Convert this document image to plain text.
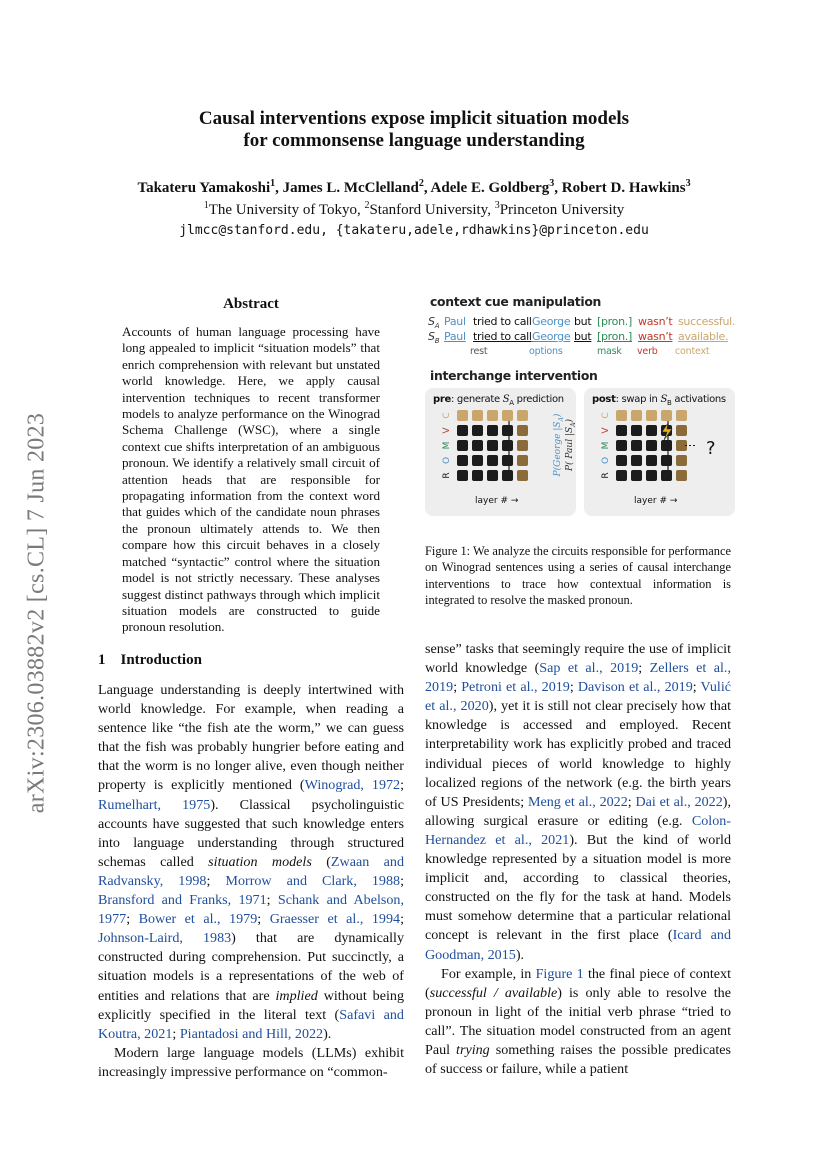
arXiv:2306.03882v2 [cs.CL] 7 Jun 2023
Causal interventions expose implicit situation models
for commonsense language understanding
Takateru Yamakoshi$^1$, James L. McClelland$^2$, Adele E. Goldberg$^3$, Robert D. Hawkins$^3$
$^1$The University of Tokyo, $^2$Stanford University, $^3$Princeton University
jlmcc@stanford.edu, {takateru,adele,rdhawkins}@princeton.edu
Abstract
Accounts of human language processing have long appealed to implicit “situation models” that enrich comprehension with relevant but unstated world knowledge. Here, we apply causal intervention techniques to recent transformer models to analyze performance on the Winograd Schema Challenge (WSC), where a single context cue shifts interpretation of an ambiguous pronoun. We identify a relatively small circuit of attention heads that are responsible for propagating information from the context word that guides which of the candidate noun phrases the pronoun ultimately attends to. We then compare how this circuit behaves in a closely matched “syntactic” control where the situation model is not strictly necessary. These analyses suggest distinct pathways through which implicit situation models are constructed to guide pronoun resolution.
1 Introduction

Language understanding is deeply intertwined with world knowledge. For example, when reading a sentence like “the fish ate the worm,” we can guess that the fish was probably hungrier before eating and that the worm is no longer alive, even though neither property is explicitly mentioned (Winograd, 1972; Rumelhart, 1975). Classical psycholinguistic accounts have suggested that such knowledge enters into language understanding through structured schemas called situation models (Zwaan and Radvansky, 1998; Morrow and Clark, 1988; Bransford and Franks, 1971; Schank and Abelson, 1977; Bower et al., 1979; Graesser et al., 1994; Johnson-Laird, 1983) that are dynamically constructed during comprehension. Put succinctly, a situation models is a representations of the web of entities and relations that are implied without being explicitly specified in the literal text (Safavi and Koutra, 2021; Piantadosi and Hill, 2022).

Modern large language models (LLMs) exhibit increasingly impressive performance on “common-

sense” tasks that seemingly require the use of implicit world knowledge (Sap et al., 2019; Zellers et al., 2019; Petroni et al., 2019; Davison et al., 2019; Vulić et al., 2020), yet it is still not clear precisely how that knowledge is accessed and employed. Recent interpretability work has explicitly probed and traced individual pieces of world knowledge to highly localized regions of the network (e.g. the birth years of US Presidents; Meng et al., 2022; Dai et al., 2022), allowing surgical erasure or editing (e.g. Colon-Hernandez et al., 2021). But the kind of world knowledge represented by a situation model is more implicit and, according to classical theories, constructed on the fly for the task at hand. Models must somehow determine that a particular relational concept is relevant in the first place (Icard and Goodman, 2015).

For example, in Figure 1 the final piece of context (successful / available) is only able to resolve the pronoun in light of the initial verb phrase “tried to call”. The situation model constructed from an agent Paul trying something raises the possible predicates of success or failure, while a patient

context cue manipulation
$S_A$ Paul tried to call George but [pron.] wasn’t successful.
$S_B$ Paul tried to call George but [pron.] wasn’t available.
rest	options	mask verb context
interchange intervention
C
V
M
O
R
C
V
M
O
R
pre: generate $S_A$ prediction	post: swap in $S_B$ activations
layer # →	layer # →
P(George $|S_A$)
P( Paul $|S_A$)
?
Figure 1: We analyze the circuits responsible for performance on Winograd sentences using a series of causal interchange interventions to trace how contextual information is integrated to resolve the masked pronoun.
